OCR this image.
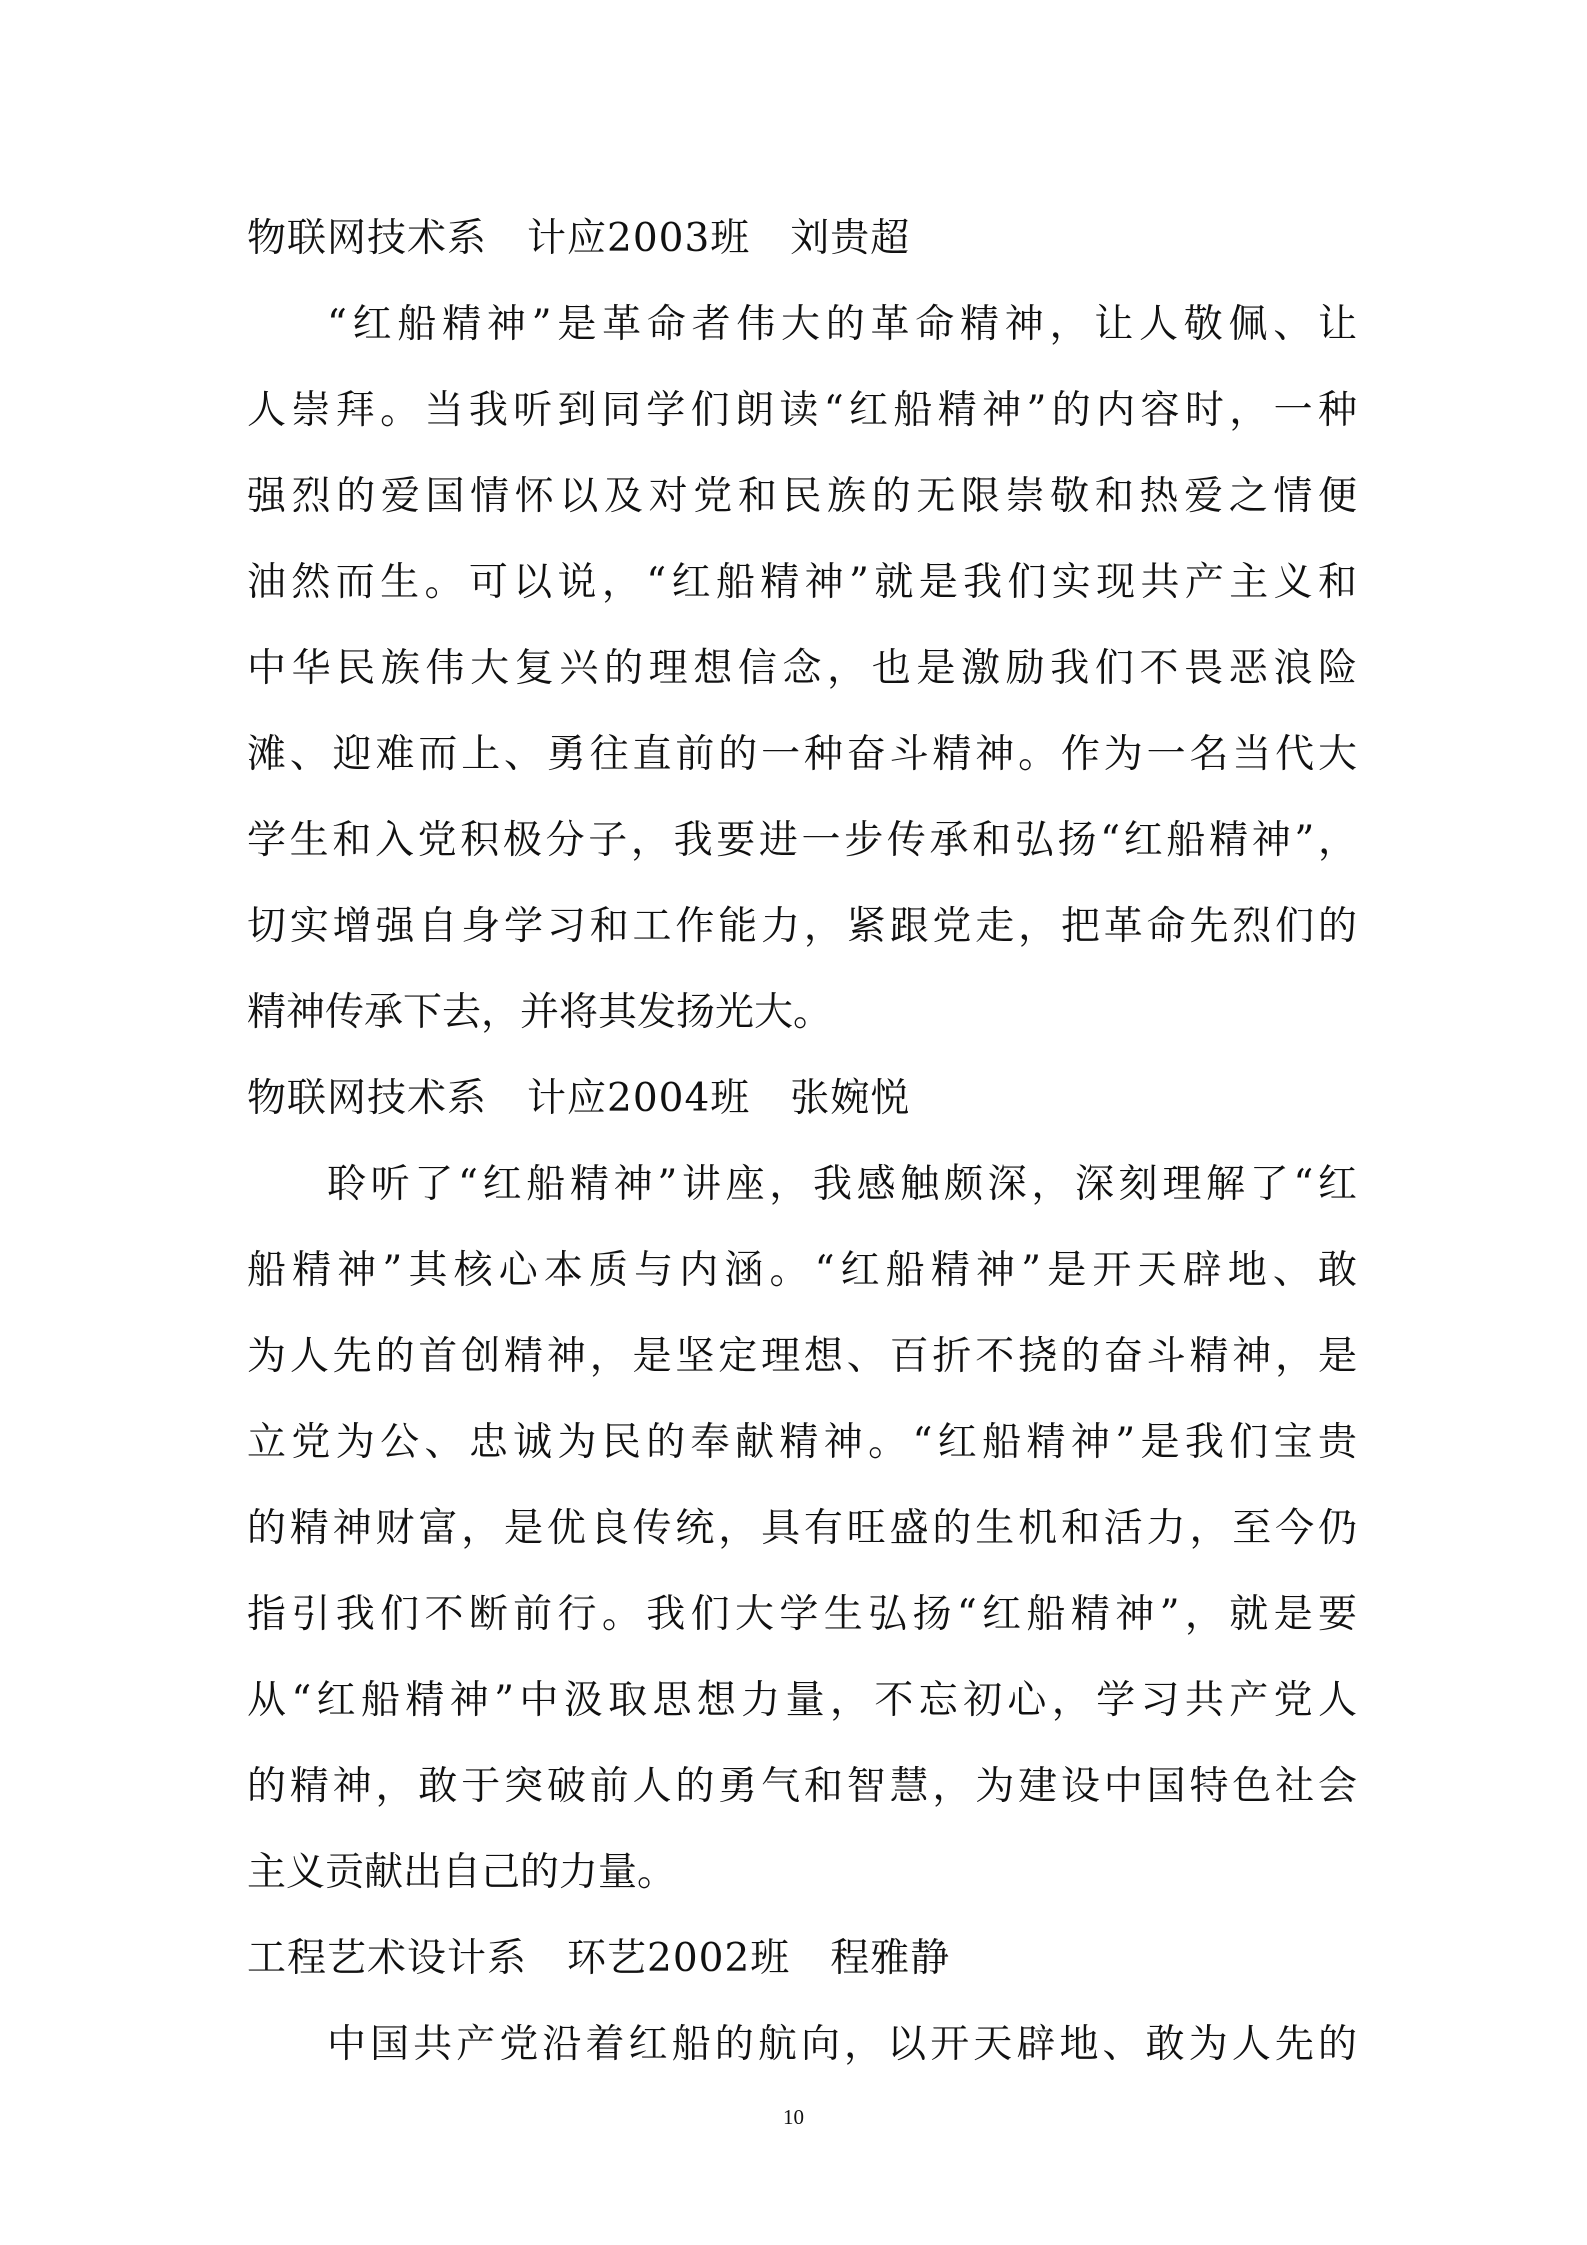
物联网技术系　计应2003班　刘贵超
“红船精神”是革命者伟大的革命精神，让人敬佩、让
人崇拜。当我听到同学们朗读“红船精神”的内容时，一种
强烈的爱国情怀以及对党和民族的无限崇敬和热爱之情便
油然而生。可以说，“红船精神”就是我们实现共产主义和
中华民族伟大复兴的理想信念，也是激励我们不畏恶浪险
滩、迎难而上、勇往直前的一种奋斗精神。作为一名当代大
学生和入党积极分子，我要进一步传承和弘扬“红船精神”，
切实增强自身学习和工作能力，紧跟党走，把革命先烈们的
精神传承下去，并将其发扬光大。
物联网技术系　计应2004班　张婉悦
聆听了“红船精神”讲座，我感触颇深，深刻理解了“红
船精神”其核心本质与内涵。“红船精神”是开天辟地、敢
为人先的首创精神，是坚定理想、百折不挠的奋斗精神，是
立党为公、忠诚为民的奉献精神。“红船精神”是我们宝贵
的精神财富，是优良传统，具有旺盛的生机和活力，至今仍
指引我们不断前行。我们大学生弘扬“红船精神”，就是要
从“红船精神”中汲取思想力量，不忘初心，学习共产党人
的精神，敢于突破前人的勇气和智慧，为建设中国特色社会
主义贡献出自己的力量。
工程艺术设计系　环艺2002班　程雅静
中国共产党沿着红船的航向，以开天辟地、敢为人先的
10
